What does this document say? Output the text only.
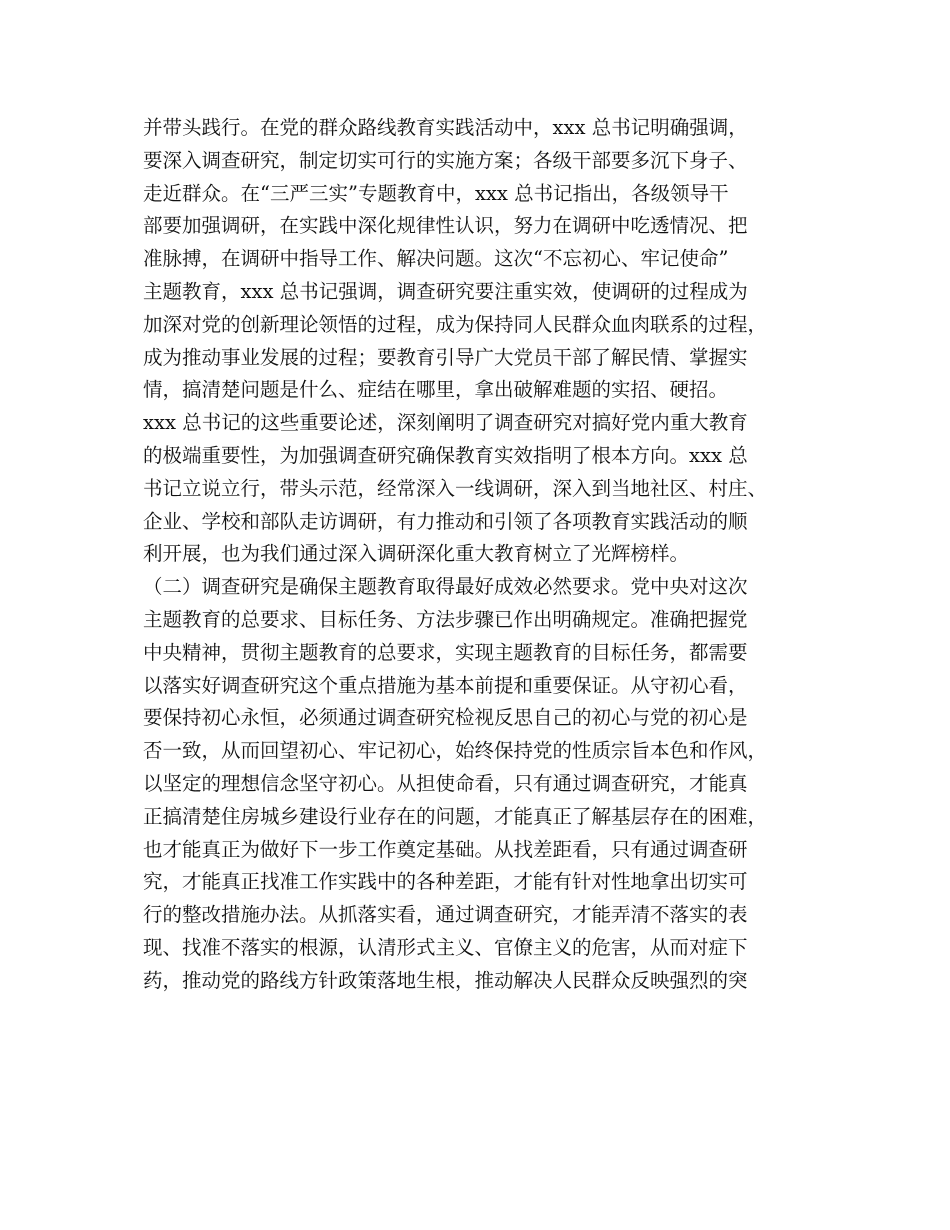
并带头践行。在党的群众路线教育实践活动中，xxx 总书记明确强调，
要深入调查研究，制定切实可行的实施方案；各级干部要多沉下身子、
走近群众。在“三严三实”专题教育中，xxx 总书记指出，各级领导干
部要加强调研，在实践中深化规律性认识，努力在调研中吃透情况、把
准脉搏，在调研中指导工作、解决问题。这次“不忘初心、牢记使命”
主题教育，xxx 总书记强调，调查研究要注重实效，使调研的过程成为
加深对党的创新理论领悟的过程，成为保持同人民群众血肉联系的过程，
成为推动事业发展的过程；要教育引导广大党员干部了解民情、掌握实
情，搞清楚问题是什么、症结在哪里，拿出破解难题的实招、硬招。
xxx 总书记的这些重要论述，深刻阐明了调查研究对搞好党内重大教育
的极端重要性，为加强调查研究确保教育实效指明了根本方向。xxx 总
书记立说立行，带头示范，经常深入一线调研，深入到当地社区、村庄、
企业、学校和部队走访调研，有力推动和引领了各项教育实践活动的顺
利开展，也为我们通过深入调研深化重大教育树立了光辉榜样。
（二）调查研究是确保主题教育取得最好成效必然要求。党中央对这次
主题教育的总要求、目标任务、方法步骤已作出明确规定。准确把握党
中央精神，贯彻主题教育的总要求，实现主题教育的目标任务，都需要
以落实好调查研究这个重点措施为基本前提和重要保证。从守初心看，
要保持初心永恒，必须通过调查研究检视反思自己的初心与党的初心是
否一致，从而回望初心、牢记初心，始终保持党的性质宗旨本色和作风，
以坚定的理想信念坚守初心。从担使命看，只有通过调查研究，才能真
正搞清楚住房城乡建设行业存在的问题，才能真正了解基层存在的困难，
也才能真正为做好下一步工作奠定基础。从找差距看，只有通过调查研
究，才能真正找准工作实践中的各种差距，才能有针对性地拿出切实可
行的整改措施办法。从抓落实看，通过调查研究，才能弄清不落实的表
现、找准不落实的根源，认清形式主义、官僚主义的危害，从而对症下
药，推动党的路线方针政策落地生根，推动解决人民群众反映强烈的突
